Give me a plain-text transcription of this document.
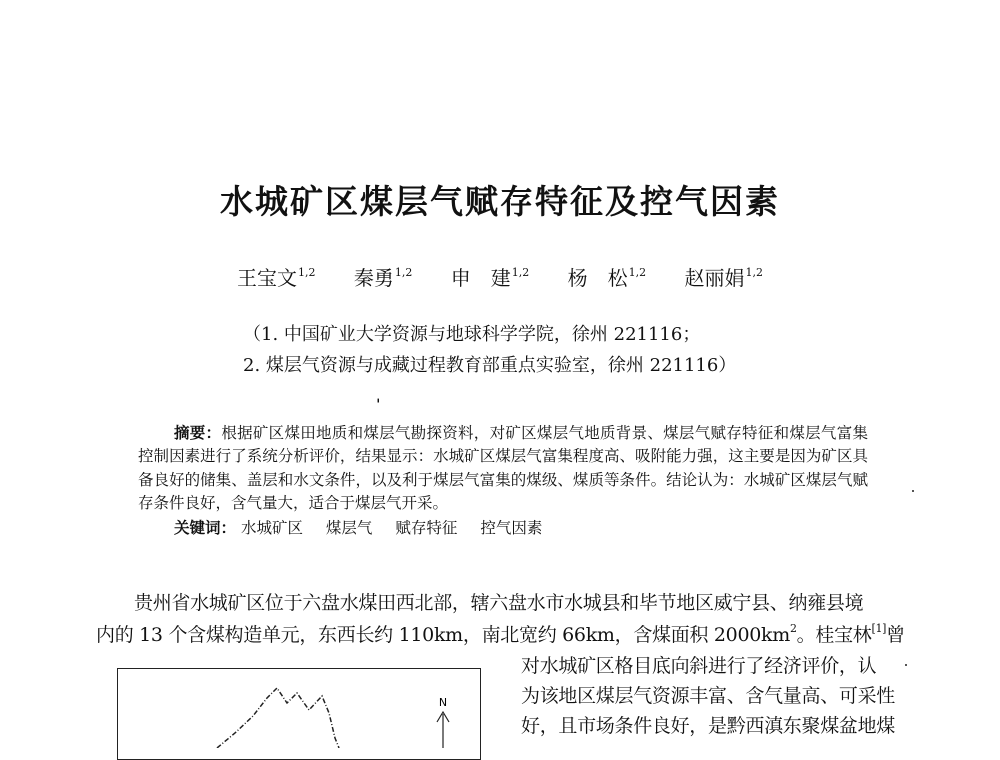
水城矿区煤层气赋存特征及控气因素
王宝文$^{1,2}$ 秦勇$^{1,2}$ 申　建$^{1,2}$ 杨　松$^{1,2}$ 赵丽娟$^{1,2}$
（1. 中国矿业大学资源与地球科学学院，徐州 221116；
2. 煤层气资源与成藏过程教育部重点实验室，徐州 221116）
ˌ

摘要：根据矿区煤田地质和煤层气勘探资料，对矿区煤层气地质背景、煤层气赋存特征和煤层气富集控制因素进行了系统分析评价，结果显示：水城矿区煤层气富集程度高、吸附能力强，这主要是因为矿区具备良好的储集、盖层和水文条件，以及利于煤层气富集的煤级、煤质等条件。结论认为：水城矿区煤层气赋存条件良好，含气量大，适合于煤层气开采。

关键词： 水城矿区 煤层气 赋存特征 控气因素
贵州省水城矿区位于六盘水煤田西北部，辖六盘水市水城县和毕节地区威宁县、纳雍县境
内的 13 个含煤构造单元，东西长约 110km，南北宽约 66km，含煤面积 $2000km^2$。桂宝林[1]曾
对水城矿区格目底向斜进行了经济评价，认
为该地区煤层气资源丰富、含气量高、可采性
好，且市场条件良好，是黔西滇东聚煤盆地煤
N
